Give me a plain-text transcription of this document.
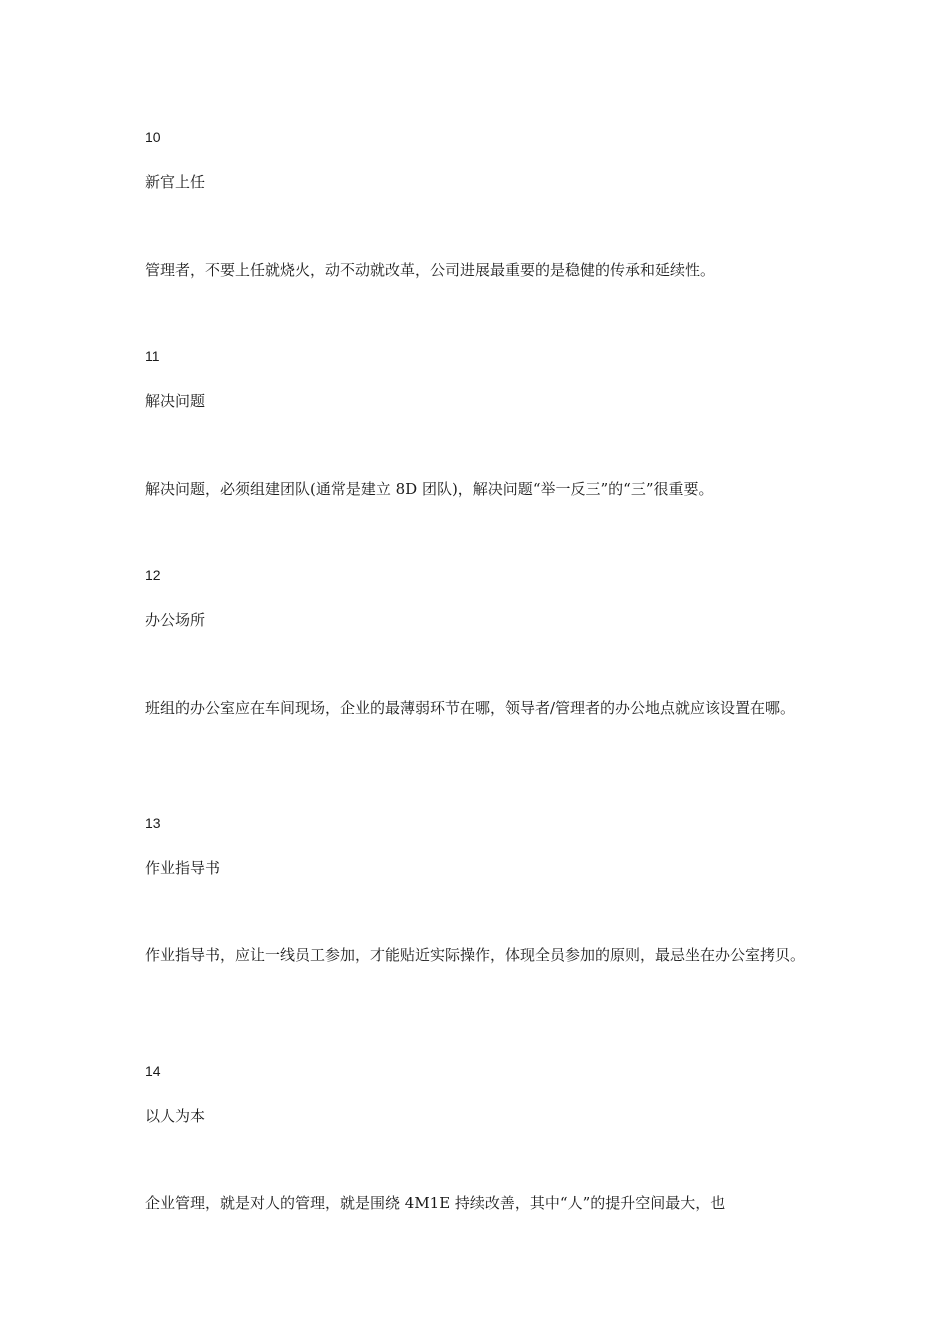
10
新官上任
管理者，不要上任就烧火，动不动就改革，公司进展最重要的是稳健的传承和延续性。
11
解决问题
解决问题，必须组建团队(通常是建立 8D 团队)，解决问题“举一反三”的“三”很重要。
12
办公场所
班组的办公室应在车间现场，企业的最薄弱环节在哪，领导者/管理者的办公地点就应该设置在哪。
13
作业指导书
作业指导书，应让一线员工参加，才能贴近实际操作，体现全员参加的原则，最忌坐在办公室拷贝。
14
以人为本
企业管理，就是对人的管理，就是围绕 4M1E 持续改善，其中“人”的提升空间最大，也
